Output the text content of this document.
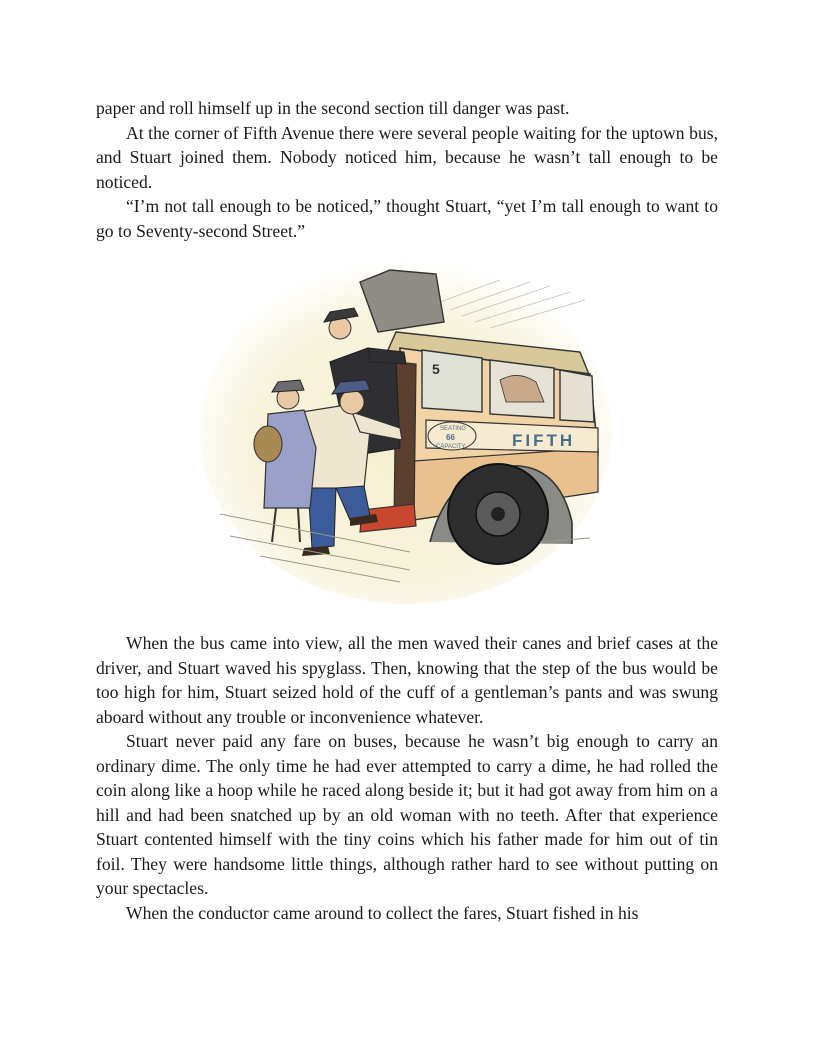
paper and roll himself up in the second section till danger was past.

At the corner of Fifth Avenue there were several people waiting for the uptown bus, and Stuart joined them. Nobody noticed him, because he wasn’t tall enough to be noticed.

“I’m not tall enough to be noticed,” thought Stuart, “yet I’m tall enough to want to go to Seventy-second Street.”

5
FIFTH
SEATING
66
CAPACITY

When the bus came into view, all the men waved their canes and brief cases at the driver, and Stuart waved his spyglass. Then, knowing that the step of the bus would be too high for him, Stuart seized hold of the cuff of a gentleman’s pants and was swung aboard without any trouble or inconvenience whatever.

Stuart never paid any fare on buses, because he wasn’t big enough to carry an ordinary dime. The only time he had ever attempted to carry a dime, he had rolled the coin along like a hoop while he raced along beside it; but it had got away from him on a hill and had been snatched up by an old woman with no teeth. After that experience Stuart contented himself with the tiny coins which his father made for him out of tin foil. They were handsome little things, although rather hard to see without putting on your spectacles.

When the conductor came around to collect the fares, Stuart fished in his
